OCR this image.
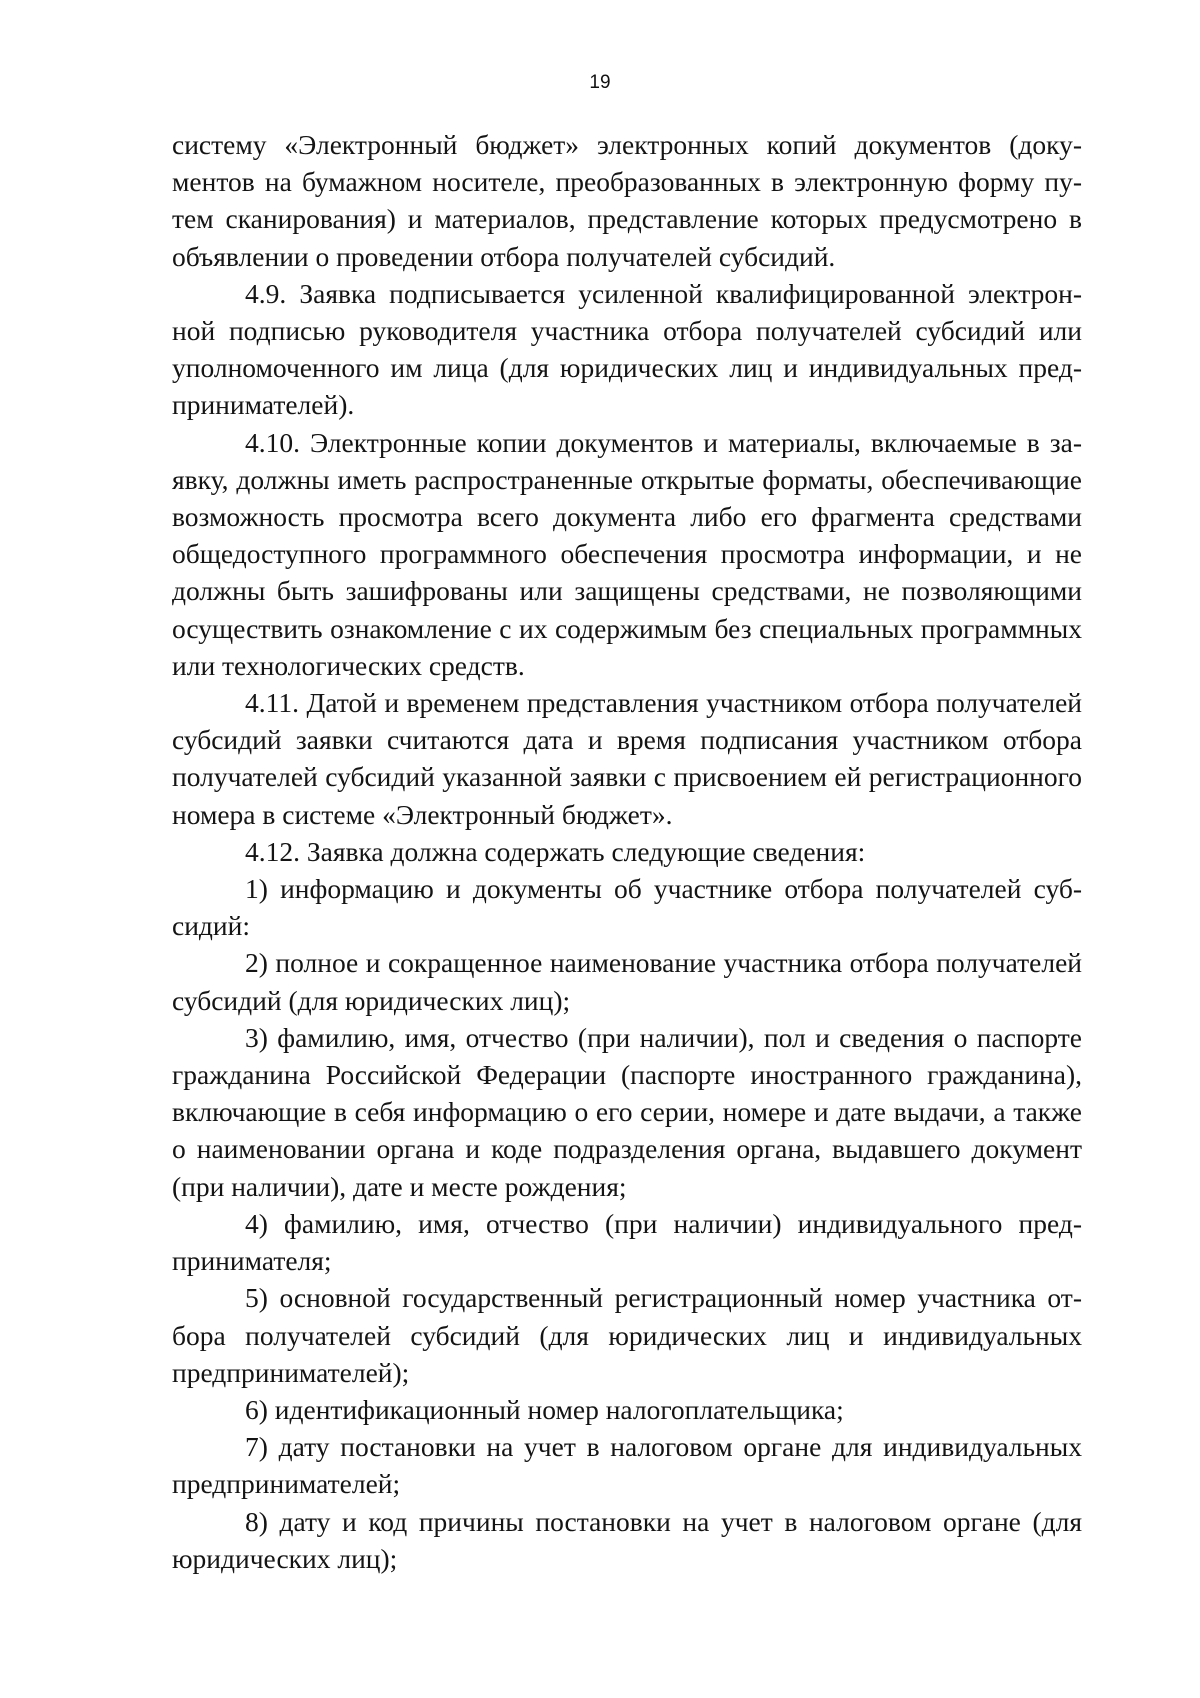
19

систему «Электронный бюджет» электронных копий документов (документов на бумажном носителе, преобразованных в электронную форму путем сканирования) и материалов, представление которых предусмотрено в объявлении о проведении отбора получателей субсидий.

4.9. Заявка подписывается усиленной квалифицированной электронной подписью руководителя участника отбора получателей субсидий или уполномоченного им лица (для юридических лиц и индивидуальных предпринимателей).

4.10. Электронные копии документов и материалы, включаемые в заявку, должны иметь распространенные открытые форматы, обеспечивающие возможность просмотра всего документа либо его фрагмента средствами общедоступного программного обеспечения просмотра информации, и не должны быть зашифрованы или защищены средствами, не позволяющими осуществить ознакомление с их содержимым без специальных программных или технологических средств.

4.11. Датой и временем представления участником отбора получателей субсидий заявки считаются дата и время подписания участником отбора получателей субсидий указанной заявки с присвоением ей регистрационного номера в системе «Электронный бюджет».

4.12. Заявка должна содержать следующие сведения:

1) информацию и документы об участнике отбора получателей субсидий:

2) полное и сокращенное наименование участника отбора получателей субсидий (для юридических лиц);

3) фамилию, имя, отчество (при наличии), пол и сведения о паспорте гражданина Российской Федерации (паспорте иностранного гражданина), включающие в себя информацию о его серии, номере и дате выдачи, а также о наименовании органа и коде подразделения органа, выдавшего документ (при наличии), дате и месте рождения;

4) фамилию, имя, отчество (при наличии) индивидуального предпринимателя;

5) основной государственный регистрационный номер участника отбора получателей субсидий (для юридических лиц и индивидуальных предпринимателей);

6) идентификационный номер налогоплательщика;

7) дату постановки на учет в налоговом органе для индивидуальных предпринимателей;

8) дату и код причины постановки на учет в налоговом органе (для юридических лиц);
